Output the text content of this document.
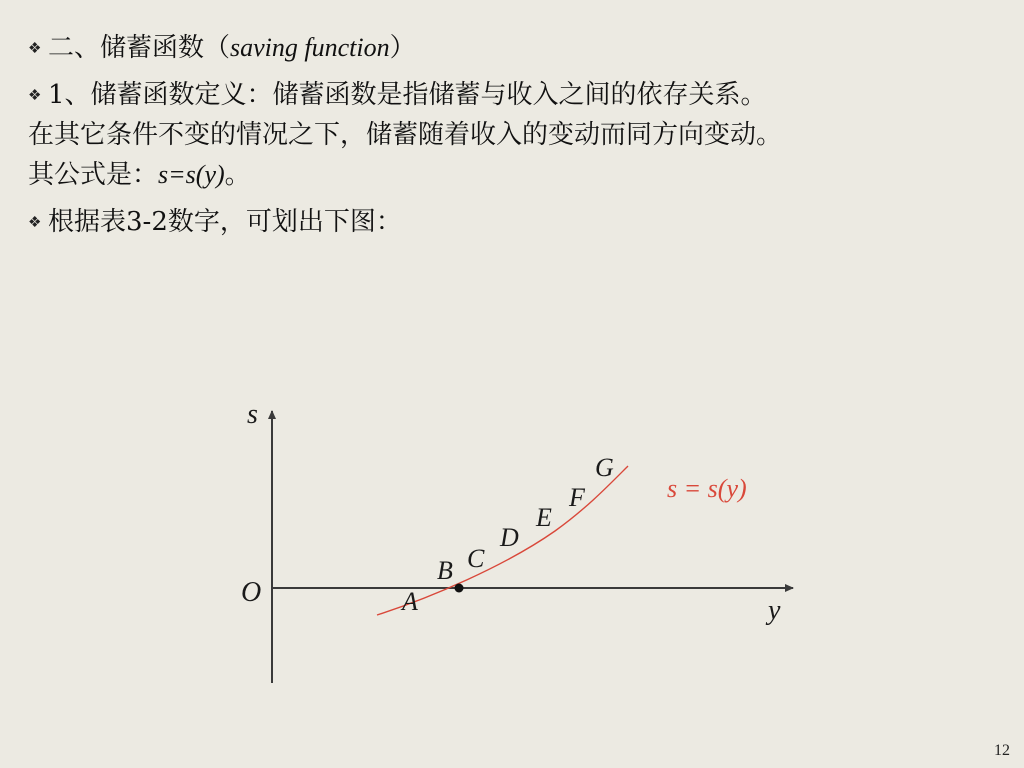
❖ 二、储蓄函数（saving function）

❖ 1、储蓄函数定义：储蓄函数是指储蓄与收入之间的依存关系。
在其它条件不变的情况之下，储蓄随着收入的变动而同方向变动。
其公式是：s=s(y)。

❖ 根据表3-2数字，可划出下图：

s
y
O	A
B C
D
E
F
G
s = s(y)
12
